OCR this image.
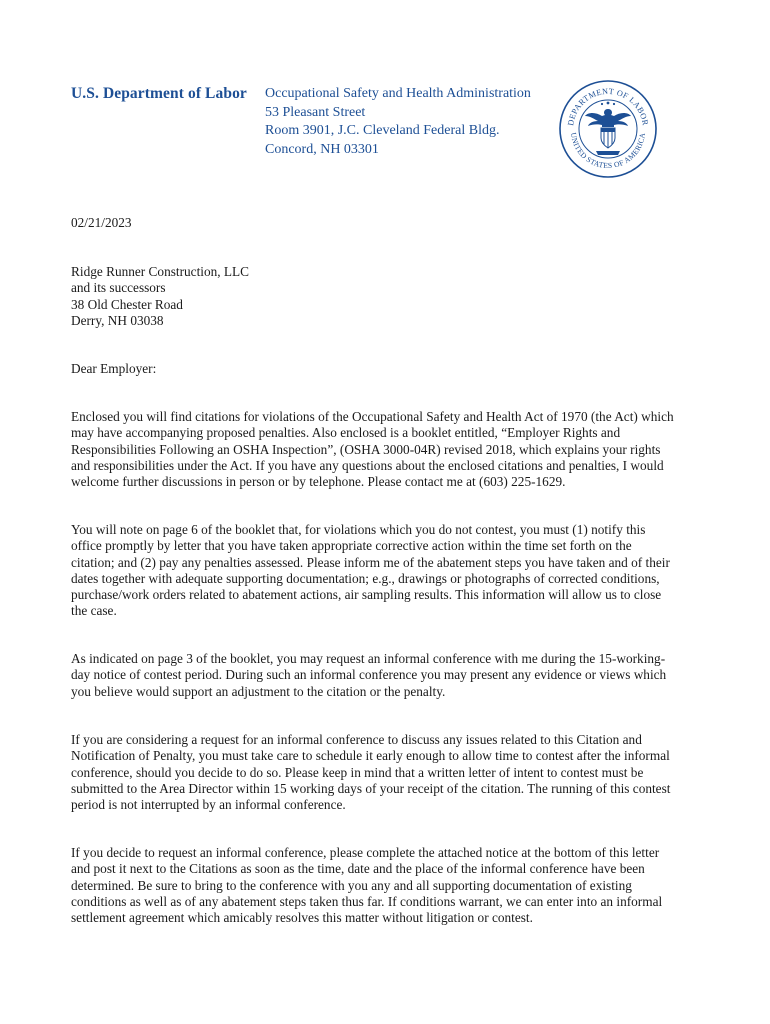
U.S. Department of Labor Occupational Safety and Health Administration
53 Pleasant Street
Room 3901, J.C. Cleveland Federal Bldg.
Concord, NH 03301
DEPARTMENT OF LABOR
UNITED STATES OF AMERICA
02/21/2023
Ridge Runner Construction, LLC
and its successors
38 Old Chester Road
Derry, NH 03038
Dear Employer:
Enclosed you will find citations for violations of the Occupational Safety and Health Act of 1970 (the Act) which
may have accompanying proposed penalties. Also enclosed is a booklet entitled, “Employer Rights and
Responsibilities Following an OSHA Inspection”, (OSHA 3000-04R) revised 2018, which explains your rights
and responsibilities under the Act. If you have any questions about the enclosed citations and penalties, I would
welcome further discussions in person or by telephone. Please contact me at (603) 225-1629.
You will note on page 6 of the booklet that, for violations which you do not contest, you must (1) notify this
office promptly by letter that you have taken appropriate corrective action within the time set forth on the
citation; and (2) pay any penalties assessed. Please inform me of the abatement steps you have taken and of their
dates together with adequate supporting documentation; e.g., drawings or photographs of corrected conditions,
purchase/work orders related to abatement actions, air sampling results. This information will allow us to close
the case.
As indicated on page 3 of the booklet, you may request an informal conference with me during the 15-working-
day notice of contest period. During such an informal conference you may present any evidence or views which
you believe would support an adjustment to the citation or the penalty.
If you are considering a request for an informal conference to discuss any issues related to this Citation and
Notification of Penalty, you must take care to schedule it early enough to allow time to contest after the informal
conference, should you decide to do so. Please keep in mind that a written letter of intent to contest must be
submitted to the Area Director within 15 working days of your receipt of the citation. The running of this contest
period is not interrupted by an informal conference.
If you decide to request an informal conference, please complete the attached notice at the bottom of this letter
and post it next to the Citations as soon as the time, date and the place of the informal conference have been
determined. Be sure to bring to the conference with you any and all supporting documentation of existing
conditions as well as of any abatement steps taken thus far. If conditions warrant, we can enter into an informal
settlement agreement which amicably resolves this matter without litigation or contest.
